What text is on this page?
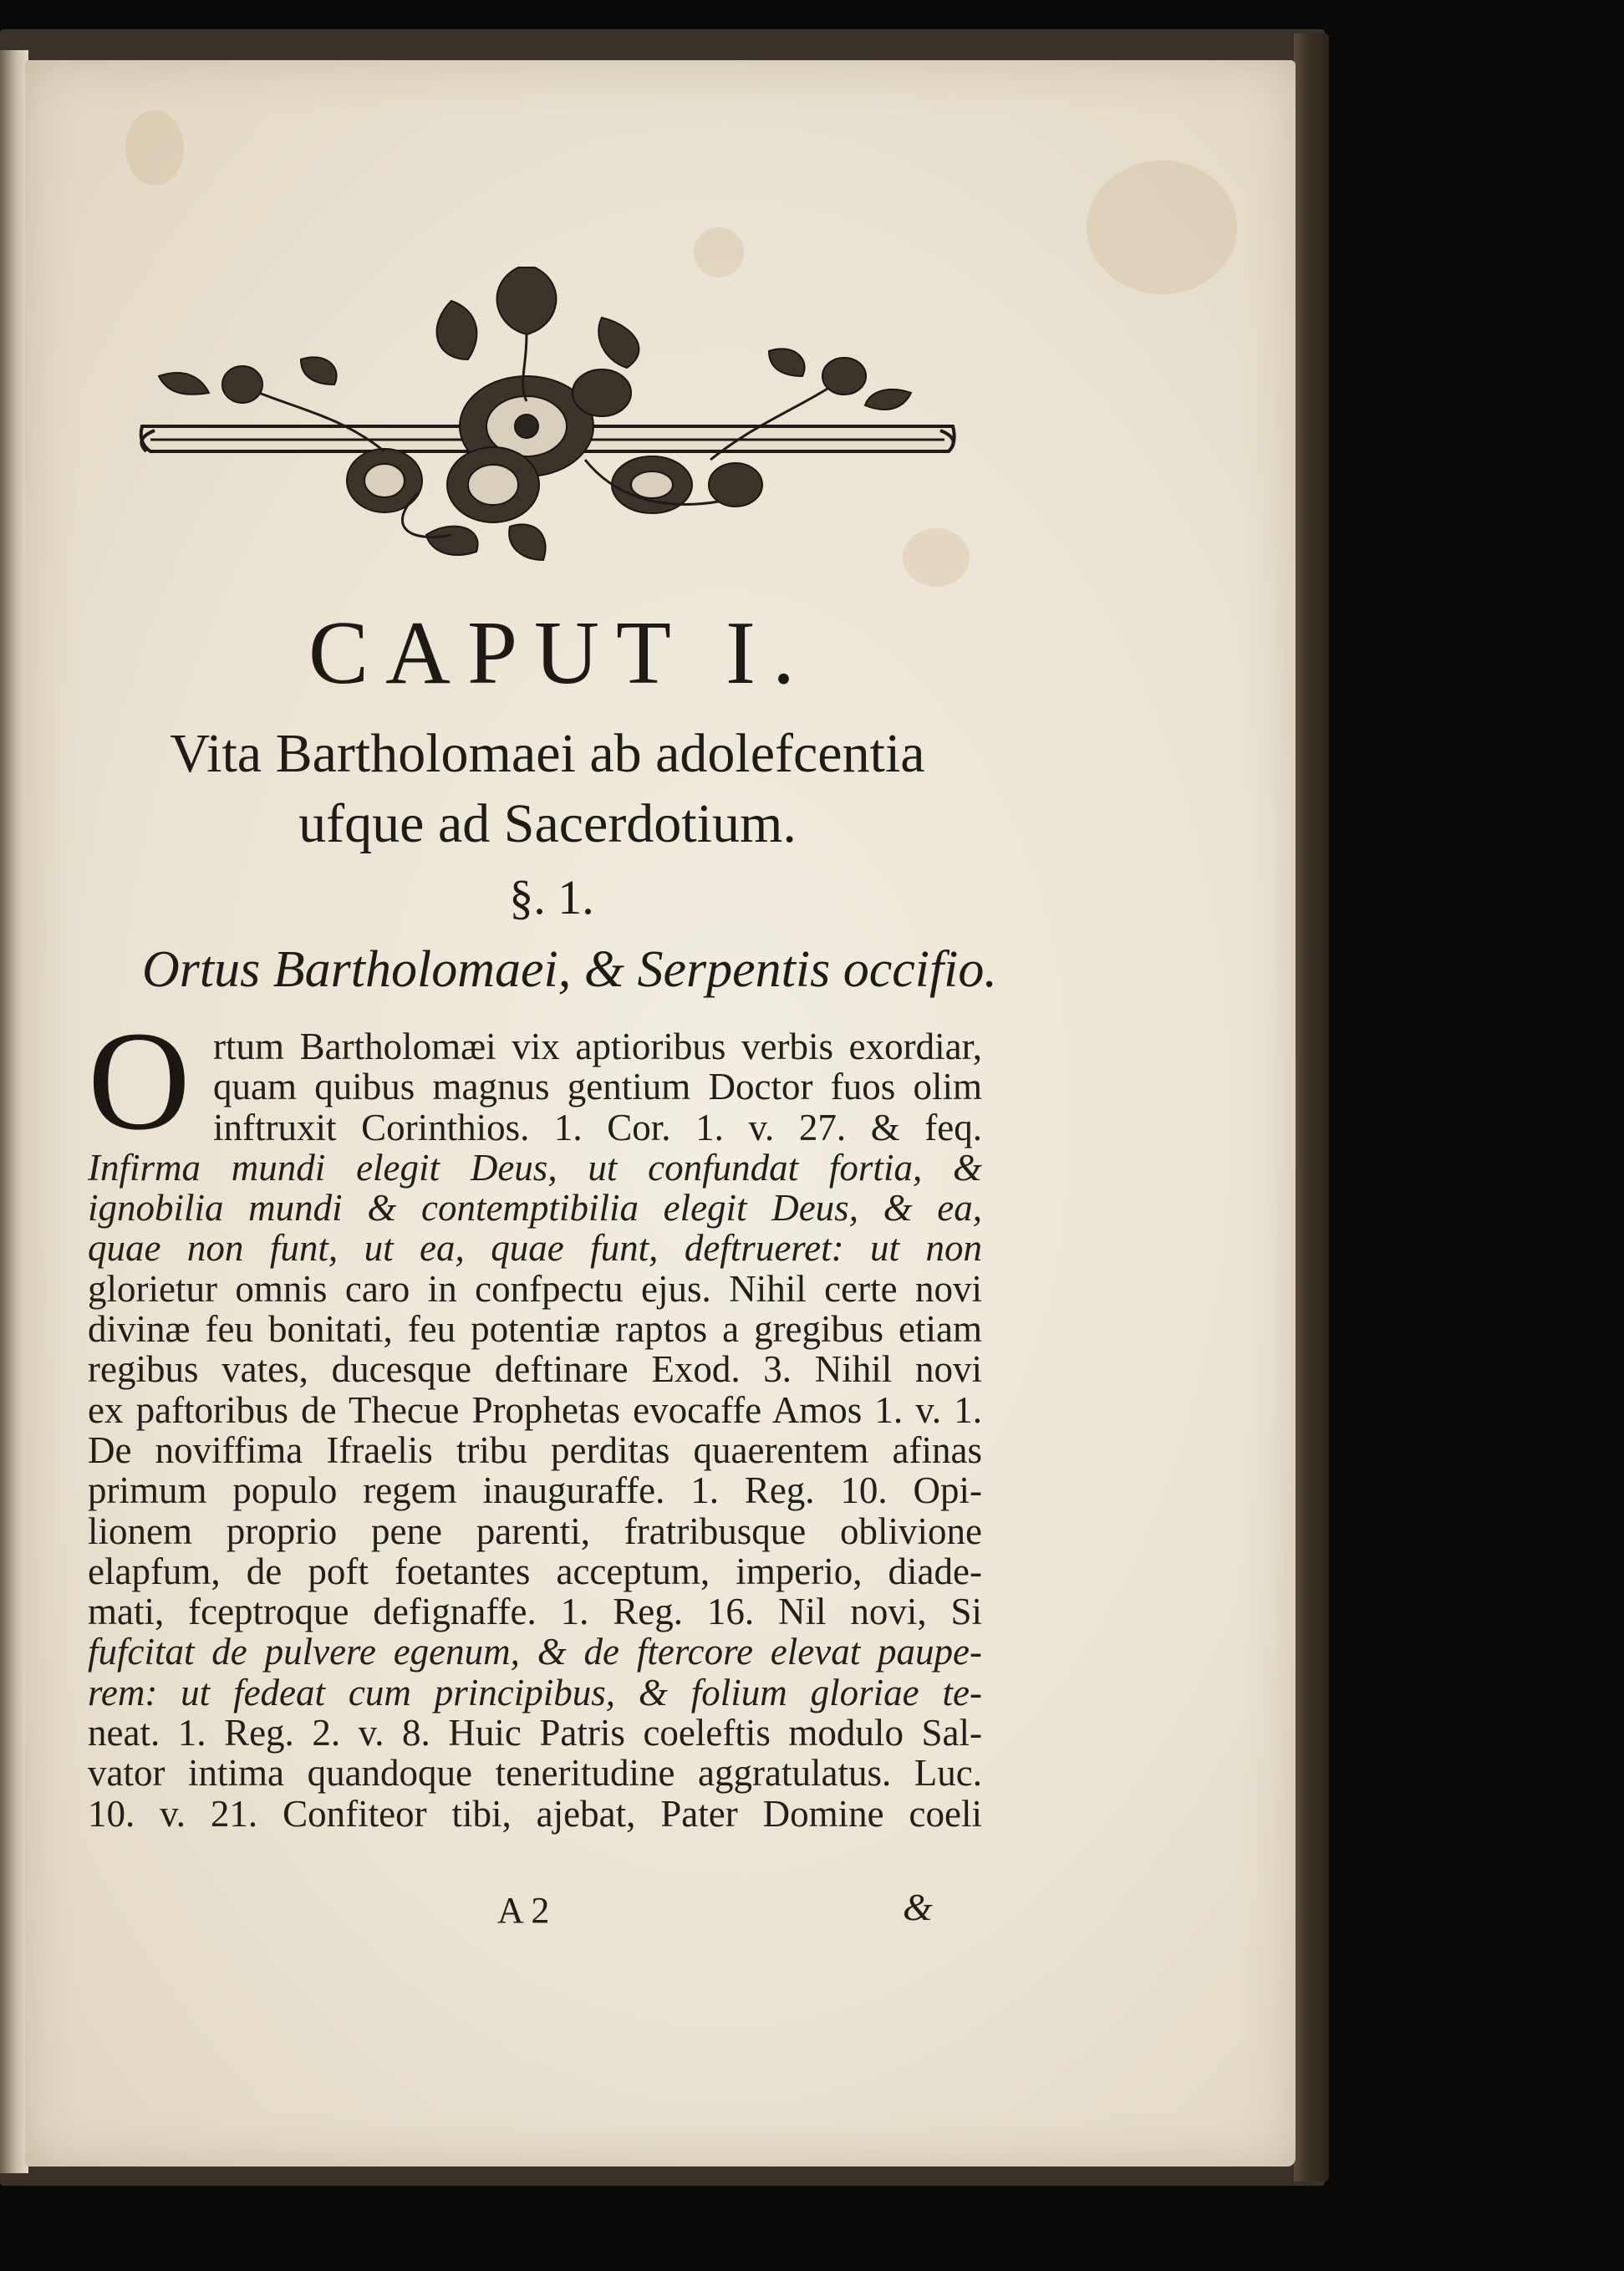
CAPUT I.
Vita Bartholomaei ab adolefcentia
ufque ad Sacerdotium.
§. 1.
Ortus Bartholomaei, & Serpentis occifio.
O rtum Bartholomæi vix aptioribus verbis exordiar,
quam quibus magnus gentium Doctor fuos olim
inftruxit Corinthios. 1. Cor. 1. v. 27. & feq.
Infirma mundi elegit Deus, ut confundat fortia, &
ignobilia mundi & contemptibilia elegit Deus, & ea,
quae non funt, ut ea, quae funt, deftrueret: ut non
glorietur omnis caro in confpectu ejus. Nihil certe novi
divinæ feu bonitati, feu potentiæ raptos a gregibus etiam
regibus vates, ducesque deftinare Exod. 3. Nihil novi
ex paftoribus de Thecue Prophetas evocaffe Amos 1. v. 1.
De noviffima Ifraelis tribu perditas quaerentem afinas
primum populo regem inauguraffe. 1. Reg. 10. Opi-
lionem proprio pene parenti, fratribusque oblivione
elapfum, de poft foetantes acceptum, imperio, diade-
mati, fceptroque defignaffe. 1. Reg. 16. Nil novi, Si
fufcitat de pulvere egenum, & de ftercore elevat paupe-
rem: ut fedeat cum principibus, & folium gloriae te-
neat. 1. Reg. 2. v. 8. Huic Patris coeleftis modulo Sal-
vator intima quandoque teneritudine aggratulatus. Luc.
10. v. 21. Confiteor tibi, ajebat, Pater Domine coeli
A 2	&
